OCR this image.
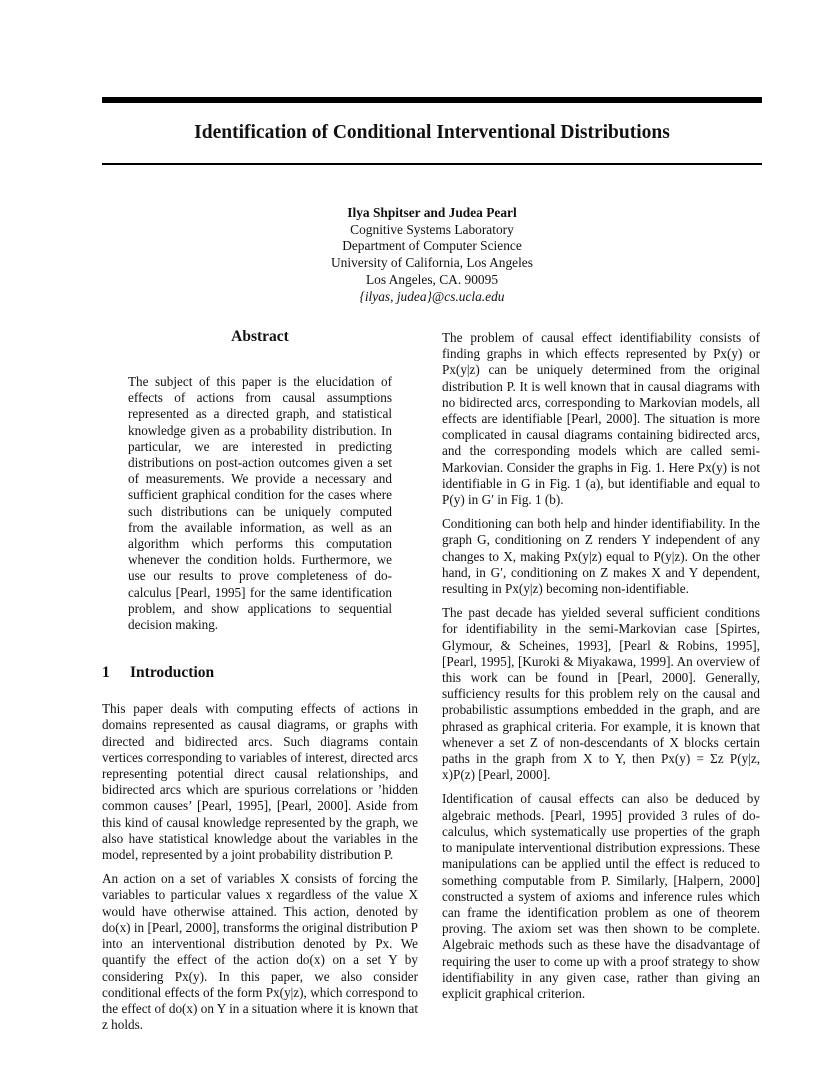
Identification of Conditional Interventional Distributions
Ilya Shpitser and Judea Pearl
Cognitive Systems Laboratory
Department of Computer Science
University of California, Los Angeles
Los Angeles, CA. 90095
{ilyas, judea}@cs.ucla.edu
Abstract

The subject of this paper is the elucidation of effects of actions from causal assumptions represented as a directed graph, and statistical knowledge given as a probability distribution. In particular, we are interested in predicting distributions on post-action outcomes given a set of measurements. We provide a necessary and sufficient graphical condition for the cases where such distributions can be uniquely computed from the available information, as well as an algorithm which performs this computation whenever the condition holds. Furthermore, we use our results to prove completeness of do-calculus [Pearl, 1995] for the same identification problem, and show applications to sequential decision making.

1 Introduction

This paper deals with computing effects of actions in domains represented as causal diagrams, or graphs with directed and bidirected arcs. Such diagrams contain vertices corresponding to variables of interest, directed arcs representing potential direct causal relationships, and bidirected arcs which are spurious correlations or ’hidden common causes’ [Pearl, 1995], [Pearl, 2000]. Aside from this kind of causal knowledge represented by the graph, we also have statistical knowledge about the variables in the model, represented by a joint probability distribution P.

An action on a set of variables X consists of forcing the variables to particular values x regardless of the value X would have otherwise attained. This action, denoted by do(x) in [Pearl, 2000], transforms the original distribution P into an interventional distribution denoted by Px. We quantify the effect of the action do(x) on a set Y by considering Px(y). In this paper, we also consider conditional effects of the form Px(y|z), which correspond to the effect of do(x) on Y in a situation where it is known that z holds.

The problem of causal effect identifiability consists of finding graphs in which effects represented by Px(y) or Px(y|z) can be uniquely determined from the original distribution P. It is well known that in causal diagrams with no bidirected arcs, corresponding to Markovian models, all effects are identifiable [Pearl, 2000]. The situation is more complicated in causal diagrams containing bidirected arcs, and the corresponding models which are called semi-Markovian. Consider the graphs in Fig. 1. Here Px(y) is not identifiable in G in Fig. 1 (a), but identifiable and equal to P(y) in G′ in Fig. 1 (b).

Conditioning can both help and hinder identifiability. In the graph G, conditioning on Z renders Y independent of any changes to X, making Px(y|z) equal to P(y|z). On the other hand, in G′, conditioning on Z makes X and Y dependent, resulting in Px(y|z) becoming non-identifiable.

The past decade has yielded several sufficient conditions for identifiability in the semi-Markovian case [Spirtes, Glymour, & Scheines, 1993], [Pearl & Robins, 1995], [Pearl, 1995], [Kuroki & Miyakawa, 1999]. An overview of this work can be found in [Pearl, 2000]. Generally, sufficiency results for this problem rely on the causal and probabilistic assumptions embedded in the graph, and are phrased as graphical criteria. For example, it is known that whenever a set Z of non-descendants of X blocks certain paths in the graph from X to Y, then Px(y) = Σz P(y|z, x)P(z) [Pearl, 2000].

Identification of causal effects can also be deduced by algebraic methods. [Pearl, 1995] provided 3 rules of do-calculus, which systematically use properties of the graph to manipulate interventional distribution expressions. These manipulations can be applied until the effect is reduced to something computable from P. Similarly, [Halpern, 2000] constructed a system of axioms and inference rules which can frame the identification problem as one of theorem proving. The axiom set was then shown to be complete. Algebraic methods such as these have the disadvantage of requiring the user to come up with a proof strategy to show identifiability in any given case, rather than giving an explicit graphical criterion.
